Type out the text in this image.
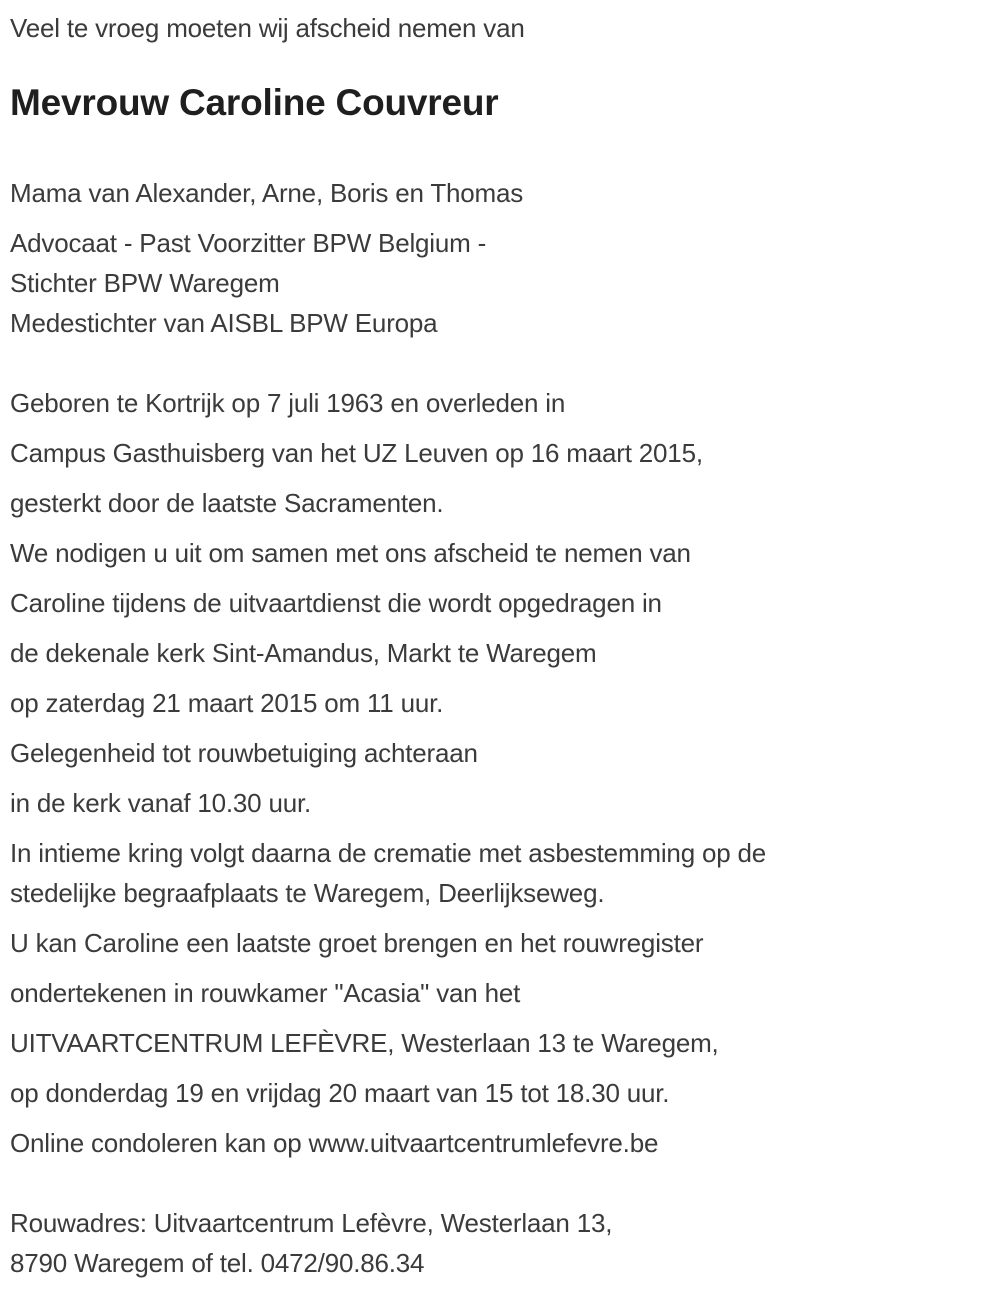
Veel te vroeg moeten wij afscheid nemen van

Mevrouw Caroline Couvreur

Mama van Alexander, Arne, Boris en Thomas

Advocaat - Past Voorzitter BPW Belgium -
Stichter BPW Waregem
Medestichter van AISBL BPW Europa

Geboren te Kortrijk op 7 juli 1963 en overleden in

Campus Gasthuisberg van het UZ Leuven op 16 maart 2015,

gesterkt door de laatste Sacramenten.

We nodigen u uit om samen met ons afscheid te nemen van

Caroline tijdens de uitvaartdienst die wordt opgedragen in

de dekenale kerk Sint-Amandus, Markt te Waregem

op zaterdag 21 maart 2015 om 11 uur.

Gelegenheid tot rouwbetuiging achteraan

in de kerk vanaf 10.30 uur.

In intieme kring volgt daarna de crematie met asbestemming op de
stedelijke begraafplaats te Waregem, Deerlijkseweg.

U kan Caroline een laatste groet brengen en het rouwregister

ondertekenen in rouwkamer "Acasia" van het

UITVAARTCENTRUM LEFÈVRE, Westerlaan 13 te Waregem,

op donderdag 19 en vrijdag 20 maart van 15 tot 18.30 uur.

Online condoleren kan op www.uitvaartcentrumlefevre.be

Rouwadres: Uitvaartcentrum Lefèvre, Westerlaan 13,
8790 Waregem of tel. 0472/90.86.34
